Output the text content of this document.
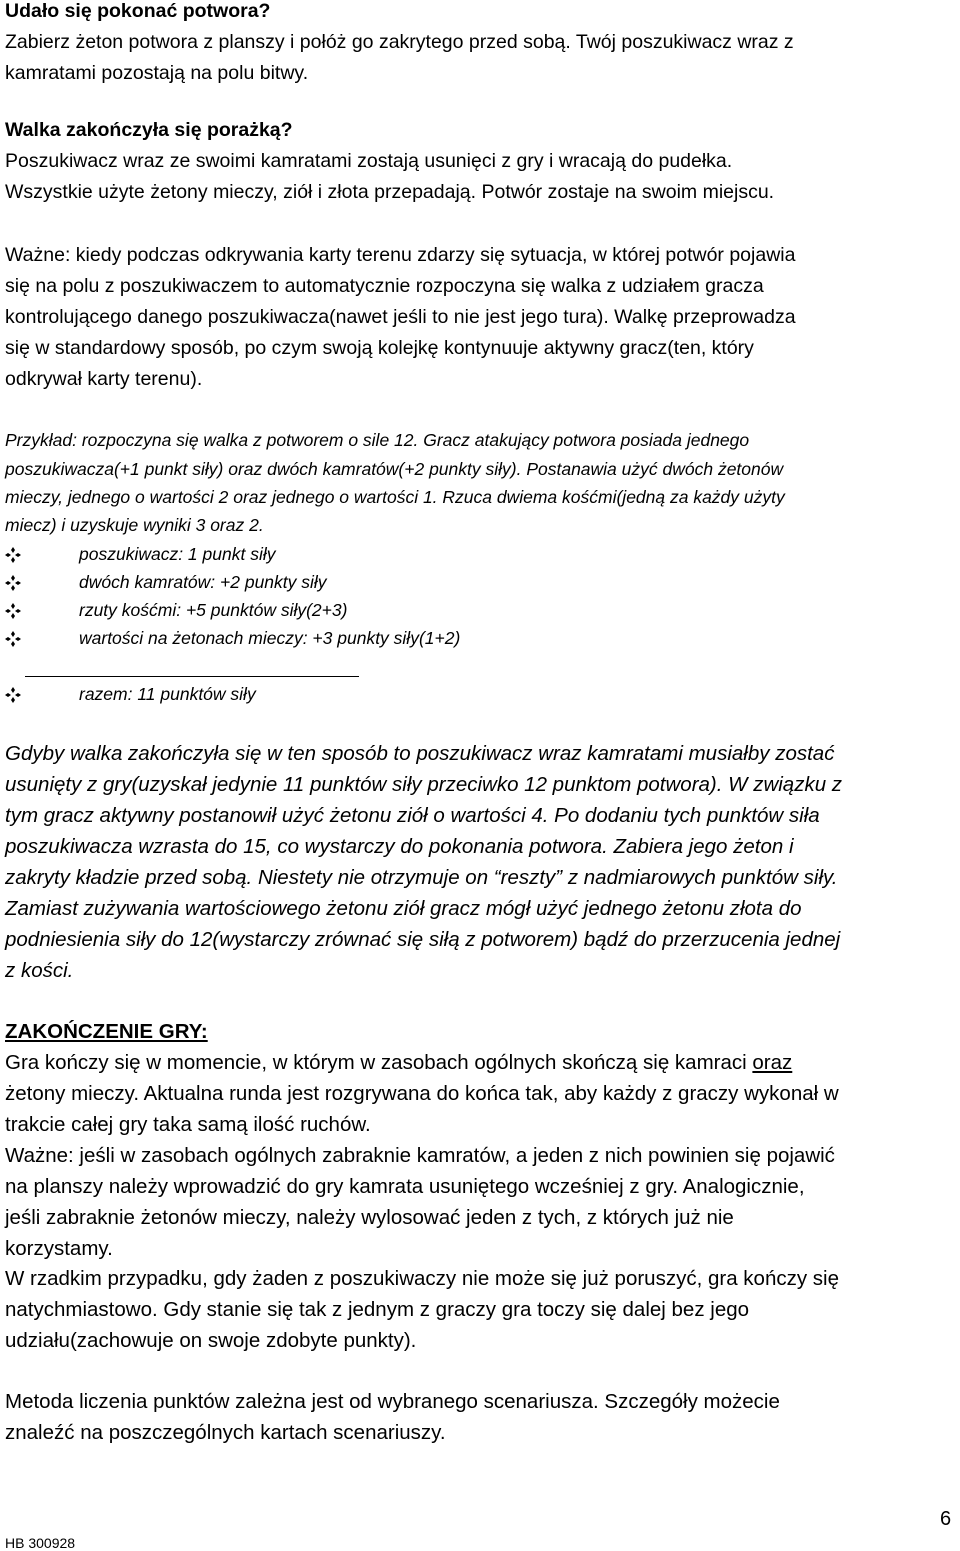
Udało się pokonać potwora?
Zabierz żeton potwora z planszy i połóż go zakrytego przed sobą. Twój poszukiwacz wraz z
kamratami pozostają na polu bitwy.
Walka zakończyła się porażką?
Poszukiwacz wraz ze swoimi kamratami zostają usunięci z gry i wracają do pudełka.
Wszystkie użyte żetony mieczy, ziół i złota przepadają. Potwór zostaje na swoim miejscu.
Ważne: kiedy podczas odkrywania karty terenu zdarzy się sytuacja, w której potwór pojawia
się na polu z poszukiwaczem to automatycznie rozpoczyna się walka z udziałem gracza
kontrolującego danego poszukiwacza(nawet jeśli to nie jest jego tura). Walkę przeprowadza
się w standardowy sposób, po czym swoją kolejkę kontynuuje aktywny gracz(ten, który
odkrywał karty terenu).
Przykład: rozpoczyna się walka z potworem o sile 12. Gracz atakujący potwora posiada jednego
poszukiwacza(+1 punkt siły) oraz dwóch kamratów(+2 punkty siły). Postanawia użyć dwóch żetonów
mieczy, jednego o wartości 2 oraz jednego o wartości 1. Rzuca dwiema kośćmi(jedną za każdy użyty
miecz) i uzyskuje wyniki 3 oraz 2.
poszukiwacz: 1 punkt siły
dwóch kamratów: +2 punkty siły
rzuty kośćmi: +5 punktów siły(2+3)
wartości na żetonach mieczy: +3 punkty siły(1+2)
razem: 11 punktów siły
Gdyby walka zakończyła się w ten sposób to poszukiwacz wraz kamratami musiałby zostać
usunięty z gry(uzyskał jedynie 11 punktów siły przeciwko 12 punktom potwora). W związku z
tym gracz aktywny postanowił użyć żetonu ziół o wartości 4. Po dodaniu tych punktów siła
poszukiwacza wzrasta do 15, co wystarczy do pokonania potwora. Zabiera jego żeton i
zakryty kładzie przed sobą. Niestety nie otrzymuje on “reszty” z nadmiarowych punktów siły.
Zamiast zużywania wartościowego żetonu ziół gracz mógł użyć jednego żetonu złota do
podniesienia siły do 12(wystarczy zrównać się siłą z potworem) bądź do przerzucenia jednej
z kości.
ZAKOŃCZENIE GRY:
Gra kończy się w momencie, w którym w zasobach ogólnych skończą się kamraci oraz
żetony mieczy. Aktualna runda jest rozgrywana do końca tak, aby każdy z graczy wykonał w
trakcie całej gry taka samą ilość ruchów.
Ważne: jeśli w zasobach ogólnych zabraknie kamratów, a jeden z nich powinien się pojawić
na planszy należy wprowadzić do gry kamrata usuniętego wcześniej z gry. Analogicznie,
jeśli zabraknie żetonów mieczy, należy wylosować jeden z tych, z których już nie
korzystamy.
W rzadkim przypadku, gdy żaden z poszukiwaczy nie może się już poruszyć, gra kończy się
natychmiastowo. Gdy stanie się tak z jednym z graczy gra toczy się dalej bez jego
udziału(zachowuje on swoje zdobyte punkty).
Metoda liczenia punktów zależna jest od wybranego scenariusza. Szczegóły możecie
znaleźć na poszczególnych kartach scenariuszy.
HB 300928
6
